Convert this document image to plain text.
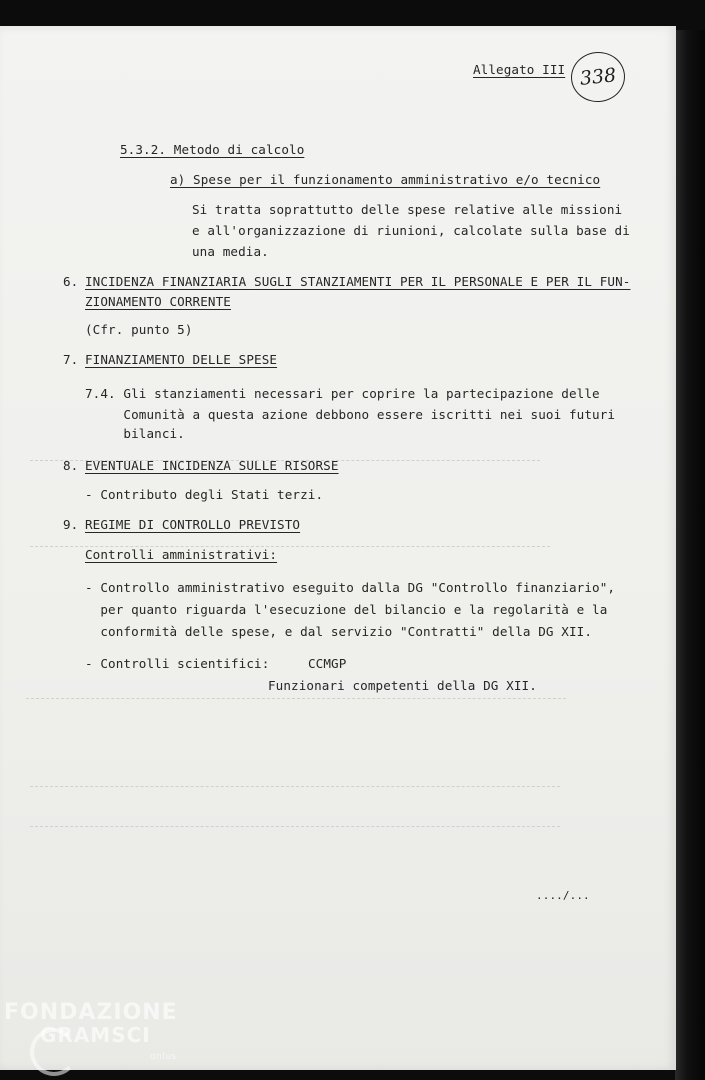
Allegato III 338
5.3.2. Metodo di calcolo
a) Spese per il funzionamento amministrativo e/o tecnico
Si tratta soprattutto delle spese relative alle missioni
e all'organizzazione di riunioni, calcolate sulla base di
una media.
6. INCIDENZA FINANZIARIA SUGLI STANZIAMENTI PER IL PERSONALE E PER IL FUN-
ZIONAMENTO CORRENTE
(Cfr. punto 5)
7. FINANZIAMENTO DELLE SPESE
7.4. Gli stanziamenti necessari per coprire la partecipazione delle
Comunità a questa azione debbono essere iscritti nei suoi futuri
bilanci.
8. EVENTUALE INCIDENZA SULLE RISORSE
- Contributo degli Stati terzi.
9. REGIME DI CONTROLLO PREVISTO
Controlli amministrativi:
- Controllo amministrativo eseguito dalla DG "Controllo finanziario",
per quanto riguarda l'esecuzione del bilancio e la regolarità e la
conformità delle spese, e dal servizio "Contratti" della DG XII.
- Controlli scientifici:	CCMGP
Funzionari competenti della DG XII.
..../...
FONDAZIONE
GRAMSCI
onlus
